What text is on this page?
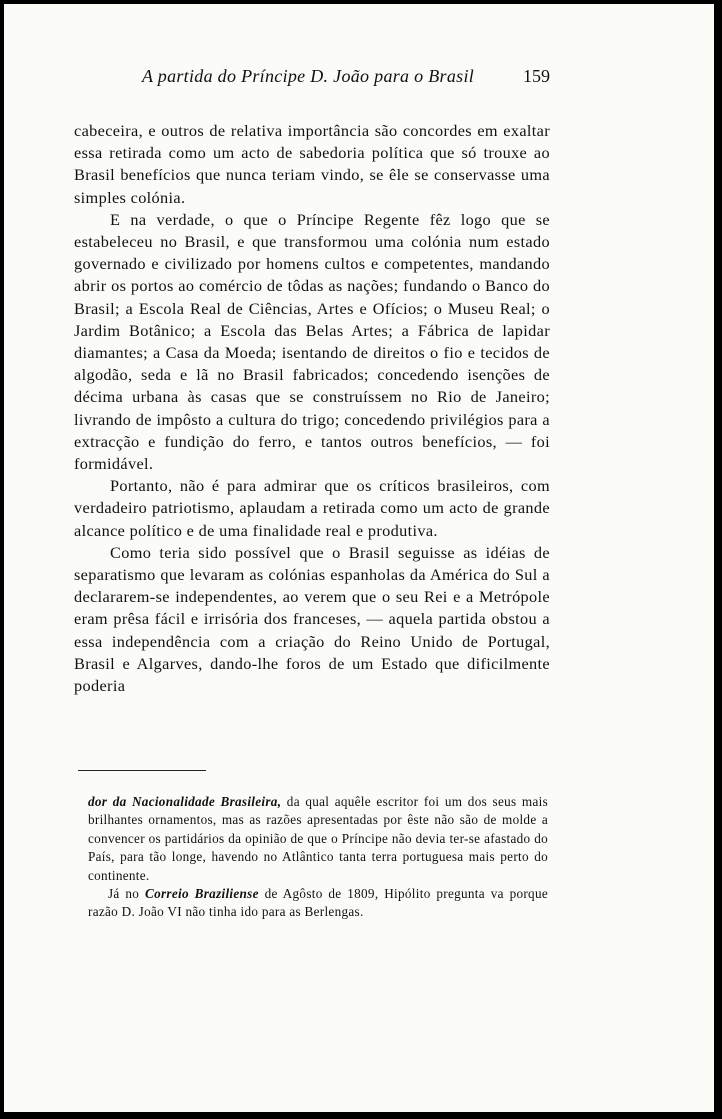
A partida do Príncipe D. João para o Brasil	159

cabeceira, e outros de relativa importância são concordes em exaltar essa retirada como um acto de sabedoria política que só trouxe ao Brasil benefícios que nunca teriam vindo, se êle se conservasse uma simples colónia.

E na verdade, o que o Príncipe Regente fêz logo que se estabeleceu no Brasil, e que transformou uma colónia num estado governado e civilizado por homens cultos e competentes, mandando abrir os portos ao comércio de tôdas as nações; fundando o Banco do Brasil; a Escola Real de Ciências, Artes e Ofícios; o Museu Real; o Jardim Botânico; a Escola das Belas Artes; a Fábrica de lapidar diamantes; a Casa da Moeda; isentando de direitos o fio e tecidos de algodão, seda e lã no Brasil fabricados; concedendo isenções de décima urbana às casas que se construíssem no Rio de Janeiro; livrando de impôsto a cultura do trigo; concedendo privilégios para a extracção e fundição do ferro, e tantos outros benefícios, — foi formidável.

Portanto, não é para admirar que os críticos brasileiros, com verdadeiro patriotismo, aplaudam a retirada como um acto de grande alcance político e de uma finalidade real e produtiva.

Como teria sido possível que o Brasil seguisse as idéias de separatismo que levaram as colónias espanholas da América do Sul a declararem-se independentes, ao verem que o seu Rei e a Metrópole eram prêsa fácil e irrisória dos franceses, — aquela partida obstou a essa independência com a criação do Reino Unido de Portugal, Brasil e Algarves, dando-lhe foros de um Estado que dificilmente poderia

dor da Nacionalidade Brasileira, da qual aquêle escritor foi um dos seus mais brilhantes ornamentos, mas as razões apresentadas por êste não são de molde a convencer os partidários da opinião de que o Príncipe não devia ter-se afastado do País, para tão longe, havendo no Atlântico tanta terra portuguesa mais perto do continente.

Já no Correio Braziliense de Agôsto de 1809, Hipólito pregunta va porque razão D. João VI não tinha ido para as Berlengas.
